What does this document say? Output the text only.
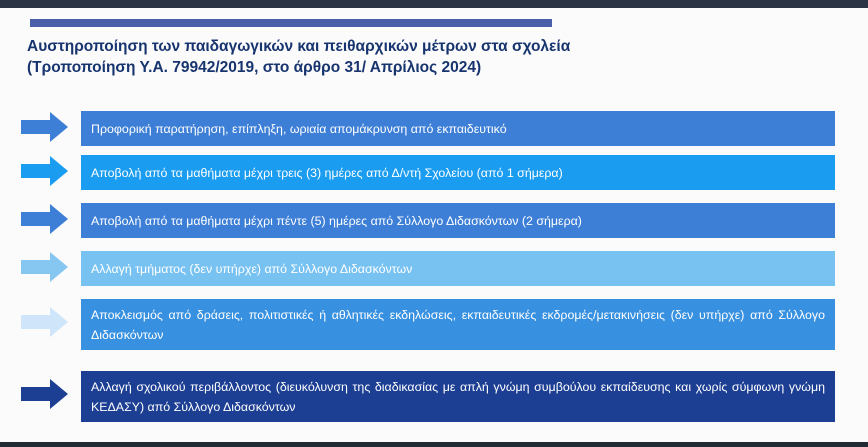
Αυστηροποίηση των παιδαγωγικών και πειθαρχικών μέτρων στα σχολεία
(Τροποποίηση Υ.Α. 79942/2019, στο άρθρο 31/ Απρίλιος 2024)
Προφορική παρατήρηση, επίπληξη, ωριαία απομάκρυνση από εκπαιδευτικό
Αποβολή από τα μαθήματα μέχρι τρεις (3) ημέρες από Δ/ντή Σχολείου (από 1 σήμερα)
Αποβολή από τα μαθήματα μέχρι πέντε (5) ημέρες από Σύλλογο Διδασκόντων (2 σήμερα)
Αλλαγή τμήματος (δεν υπήρχε) από Σύλλογο Διδασκόντων
Αποκλεισμός από δράσεις, πολιτιστικές ή αθλητικές εκδηλώσεις, εκπαιδευτικές εκδρομές/μετακινήσεις (δεν υπήρχε) από Σύλλογο Διδασκόντων
Αλλαγή σχολικού περιβάλλοντος (διευκόλυνση της διαδικασίας με απλή γνώμη συμβούλου εκπαίδευσης και χωρίς σύμφωνη γνώμη ΚΕΔΑΣΥ) από Σύλλογο Διδασκόντων
